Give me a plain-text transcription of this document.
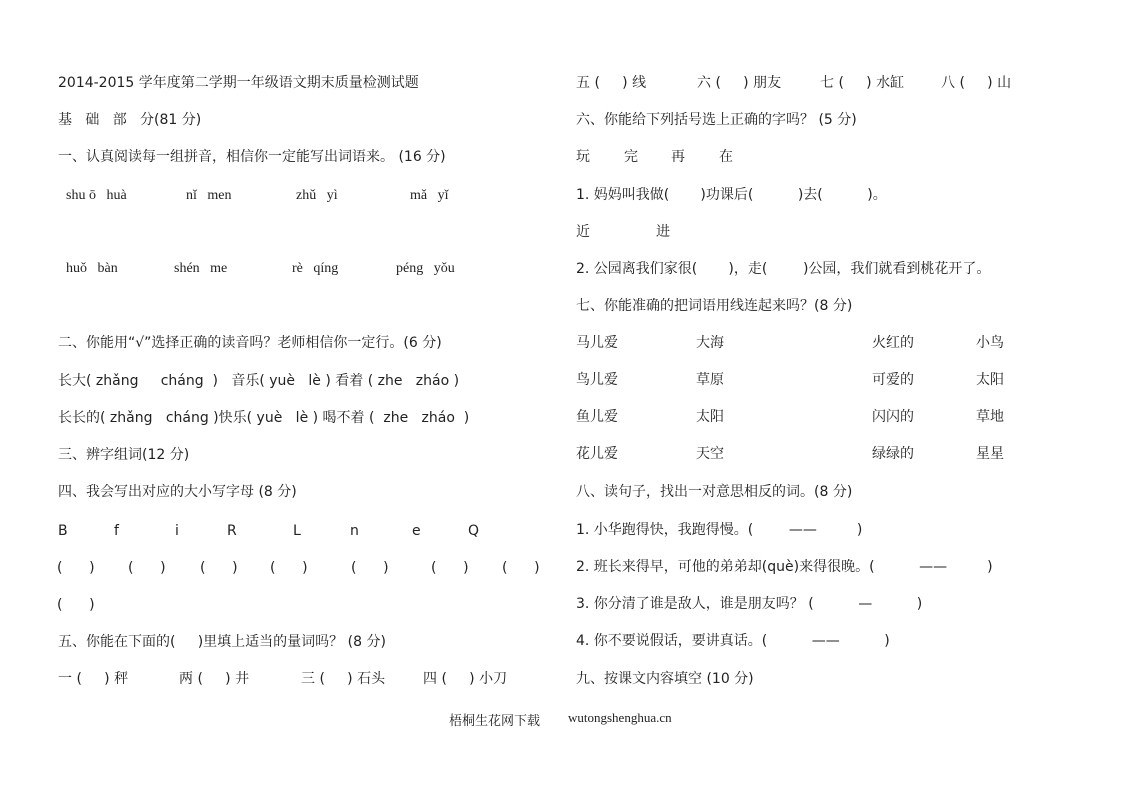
2014-2015 学年度第二学期一年级语文期末质量检测试题
基   础   部   分(81 分)
一、认真阅读每一组拼音，相信你一定能写出词语来。 (16 分)
shu ō   huà	nǐ   men	zhǔ   yì	mǎ   yǐ
huǒ   bàn	shén   me	rè   qíng	péng   yǒu
二、你能用“√”选择正确的读音吗？老师相信你一定行。(6 分)
长大( zhǎng     cháng  )   音乐( yuè   lè ) 看着 ( zhe   zháo )
长长的( zhǎng   cháng )快乐( yuè   lè ) 喝不着 (  zhe   zháo  )
三、辨字组词(12 分)
四、我会写出对应的大小写字母 (8 分)
B	f	i	R	L	n	e	Q
(      )	(      )	(      )	(      )	(      )	(      )	(      )
(      )
五、你能在下面的(     )里填上适当的量词吗？ (8 分)
一 (     ) 秤	两 (     ) 井	三 (     ) 石头	四 (     ) 小刀
五 (     ) 线	六 (     ) 朋友	七 (     ) 水缸	八 (     ) 山
六、你能给下列括号选上正确的字吗？ (5 分)
玩 完 再 在
1. 妈妈叫我做(       )功课后(          )去(          )。
近	进
2. 公园离我们家很(       )，走(        )公园，我们就看到桃花开了。
七、你能准确的把词语用线连起来吗？(8 分)
马儿爱	大海	火红的	小鸟
鸟儿爱	草原	可爱的	太阳
鱼儿爱	太阳	闪闪的	草地
花儿爱	天空	绿绿的	星星
八、读句子，找出一对意思相反的词。(8 分)
1. 小华跑得快，我跑得慢。(        ——         )
2. 班长来得早，可他的弟弟却(què)来得很晚。(          ——         )
3. 你分清了谁是敌人，谁是朋友吗？ (          —          )
4. 你不要说假话，要讲真话。(          ——          )
九、按课文内容填空 (10 分)
梧桐生花网下载 wutongshenghua.cn
